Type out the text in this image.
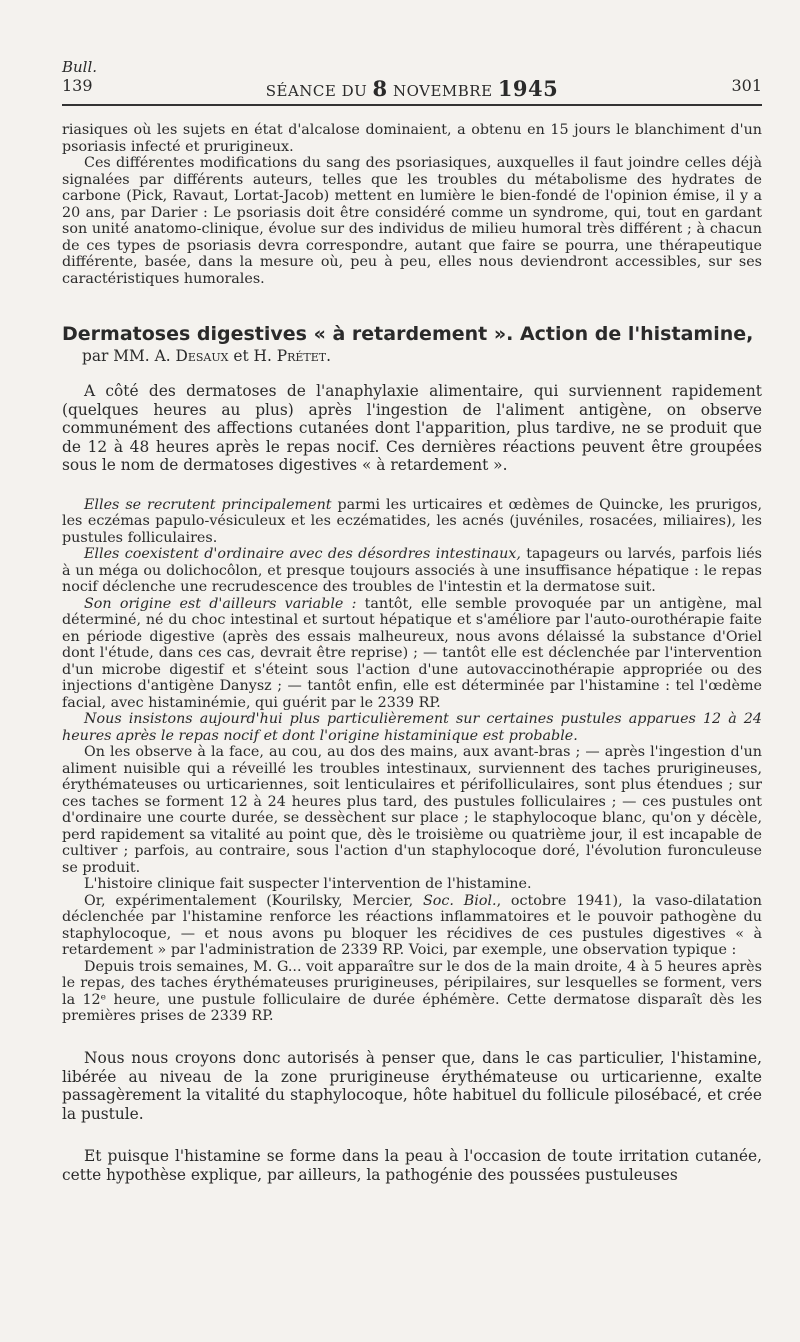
Bull.
139	SÉANCE DU 8 NOVEMBRE 1945	301

riasiques où les sujets en état d'alcalose dominaient, a obtenu en 15 jours le blanchiment d'un psoriasis infecté et prurigineux.

Ces différentes modifications du sang des psoriasiques, auxquelles il faut joindre celles déjà signalées par différents auteurs, telles que les troubles du métabolisme des hydrates de carbone (Pick, Ravaut, Lortat-Jacob) mettent en lumière le bien-fondé de l'opinion émise, il y a 20 ans, par Darier : Le psoriasis doit être considéré comme un syndrome, qui, tout en gardant son unité anatomo-clinique, évolue sur des individus de milieu humoral très différent ; à chacun de ces types de psoriasis devra correspondre, autant que faire se pourra, une thérapeutique différente, basée, dans la mesure où, peu à peu, elles nous deviendront accessibles, sur ses caractéristiques humorales.

Dermatoses digestives « à retardement ». Action de l'histamine,
par MM. A. Desaux et H. Prétet.

A côté des dermatoses de l'anaphylaxie alimentaire, qui surviennent rapidement (quelques heures au plus) après l'ingestion de l'aliment antigène, on observe communément des affections cutanées dont l'apparition, plus tardive, ne se produit que de 12 à 48 heures après le repas nocif. Ces dernières réactions peuvent être groupées sous le nom de dermatoses digestives « à retardement ».

Elles se recrutent principalement parmi les urticaires et œdèmes de Quincke, les prurigos, les eczémas papulo-vésiculeux et les eczématides, les acnés (juvéniles, rosacées, miliaires), les pustules folliculaires.

Elles coexistent d'ordinaire avec des désordres intestinaux, tapageurs ou larvés, parfois liés à un méga ou dolichocôlon, et presque toujours associés à une insuffisance hépatique : le repas nocif déclenche une recrudescence des troubles de l'intestin et la dermatose suit.

Son origine est d'ailleurs variable : tantôt, elle semble provoquée par un antigène, mal déterminé, né du choc intestinal et surtout hépatique et s'améliore par l'auto-ourothérapie faite en période digestive (après des essais malheureux, nous avons délaissé la substance d'Oriel dont l'étude, dans ces cas, devrait être reprise) ; — tantôt elle est déclenchée par l'intervention d'un microbe digestif et s'éteint sous l'action d'une autovaccinothérapie appropriée ou des injections d'antigène Danysz ; — tantôt enfin, elle est déterminée par l'histamine : tel l'œdème facial, avec histaminémie, qui guérit par le 2339 RP.

Nous insistons aujourd'hui plus particulièrement sur certaines pustules apparues 12 à 24 heures après le repas nocif et dont l'origine histaminique est probable.

On les observe à la face, au cou, au dos des mains, aux avant-bras ; — après l'ingestion d'un aliment nuisible qui a réveillé les troubles intestinaux, surviennent des taches prurigineuses, érythémateuses ou urticariennes, soit lenticulaires et périfolliculaires, sont plus étendues ; sur ces taches se forment 12 à 24 heures plus tard, des pustules folliculaires ; — ces pustules ont d'ordinaire une courte durée, se dessèchent sur place ; le staphylocoque blanc, qu'on y décèle, perd rapidement sa vitalité au point que, dès le troisième ou quatrième jour, il est incapable de cultiver ; parfois, au contraire, sous l'action d'un staphylocoque doré, l'évolution furonculeuse se produit.

L'histoire clinique fait suspecter l'intervention de l'histamine.

Or, expérimentalement (Kourilsky, Mercier, Soc. Biol., octobre 1941), la vaso-dilatation déclenchée par l'histamine renforce les réactions inflammatoires et le pouvoir pathogène du staphylocoque, — et nous avons pu bloquer les récidives de ces pustules digestives « à retardement » par l'administration de 2339 RP. Voici, par exemple, une observation typique :

Depuis trois semaines, M. G... voit apparaître sur le dos de la main droite, 4 à 5 heures après le repas, des taches érythémateuses prurigineuses, péripilaires, sur lesquelles se forment, vers la 12ᵉ heure, une pustule folliculaire de durée éphémère. Cette dermatose disparaît dès les premières prises de 2339 RP.

Nous nous croyons donc autorisés à penser que, dans le cas particulier, l'histamine, libérée au niveau de la zone prurigineuse érythémateuse ou urticarienne, exalte passagèrement la vitalité du staphylocoque, hôte habituel du follicule pilosébacé, et crée la pustule.

Et puisque l'histamine se forme dans la peau à l'occasion de toute irritation cutanée, cette hypothèse explique, par ailleurs, la pathogénie des poussées pustuleuses
